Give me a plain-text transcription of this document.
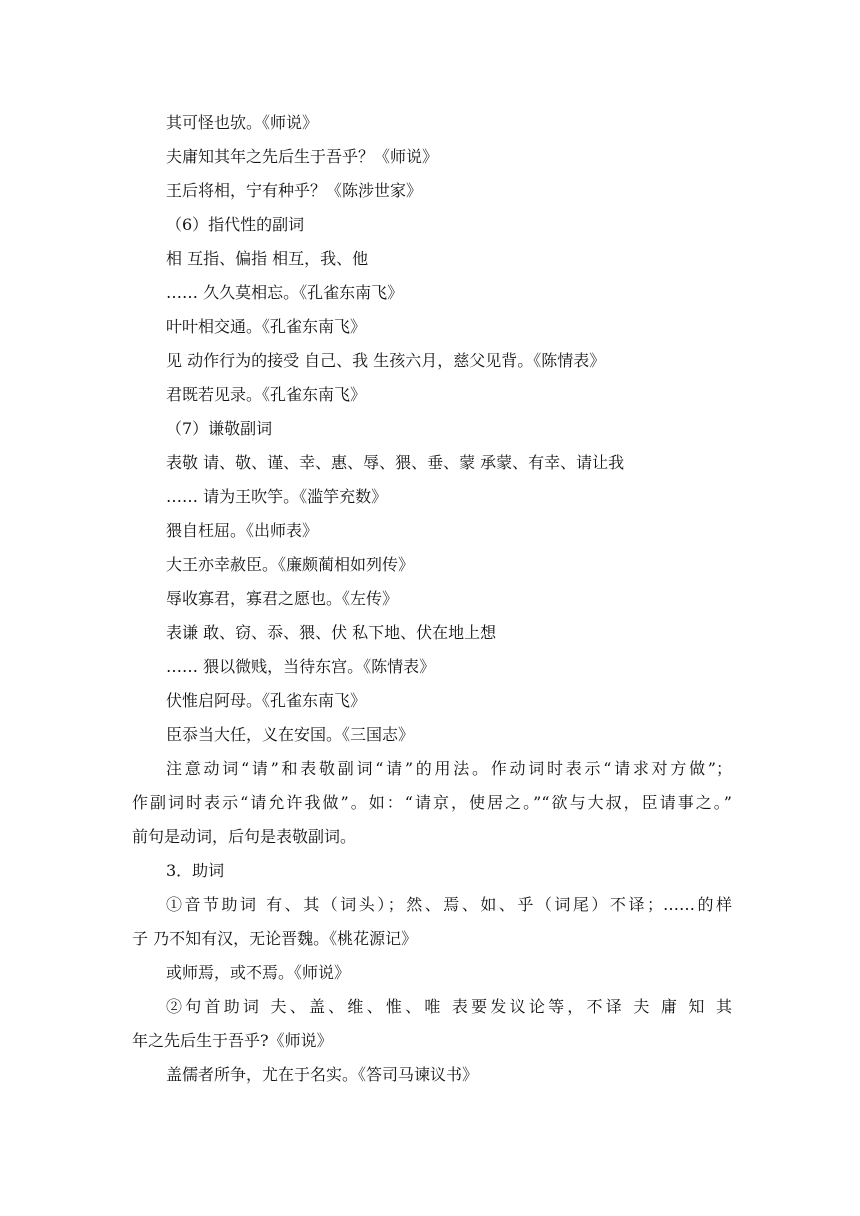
其可怪也欤。《师说》
夫庸知其年之先后生于吾乎？《师说》
王后将相，宁有种乎？《陈涉世家》
（6）指代性的副词
相 互指、偏指 相互，我、他
…… 久久莫相忘。《孔雀东南飞》
叶叶相交通。《孔雀东南飞》
见 动作行为的接受 自己、我 生孩六月，慈父见背。《陈情表》
君既若见录。《孔雀东南飞》
（7）谦敬副词
表敬 请、敬、谨、幸、惠、辱、猥、垂、蒙 承蒙、有幸、请让我
…… 请为王吹竽。《滥竽充数》
猥自枉屈。《出师表》
大王亦幸赦臣。《廉颇蔺相如列传》
辱收寡君，寡君之愿也。《左传》
表谦 敢、窃、忝、猥、伏 私下地、伏在地上想
…… 猥以微贱，当待东宫。《陈情表》
伏惟启阿母。《孔雀东南飞》
臣忝当大任，义在安国。《三国志》
注意动词“请”和表敬副词“请”的用法。作动词时表示“请求对方做”；
作副词时表示“请允许我做”。如：“请京，使居之。”“欲与大叔，臣请事之。”
前句是动词，后句是表敬副词。
3．助词
①音节助词 有、其（词头）；然、焉、如、乎（词尾）不译；……的样
子 乃不知有汉，无论晋魏。《桃花源记》
或师焉，或不焉。《师说》
②句首助词 夫、盖、维、惟、唯 表要发议论等，不译 夫 庸 知 其
年之先后生于吾乎?《师说》
盖儒者所争，尤在于名实。《答司马谏议书》
